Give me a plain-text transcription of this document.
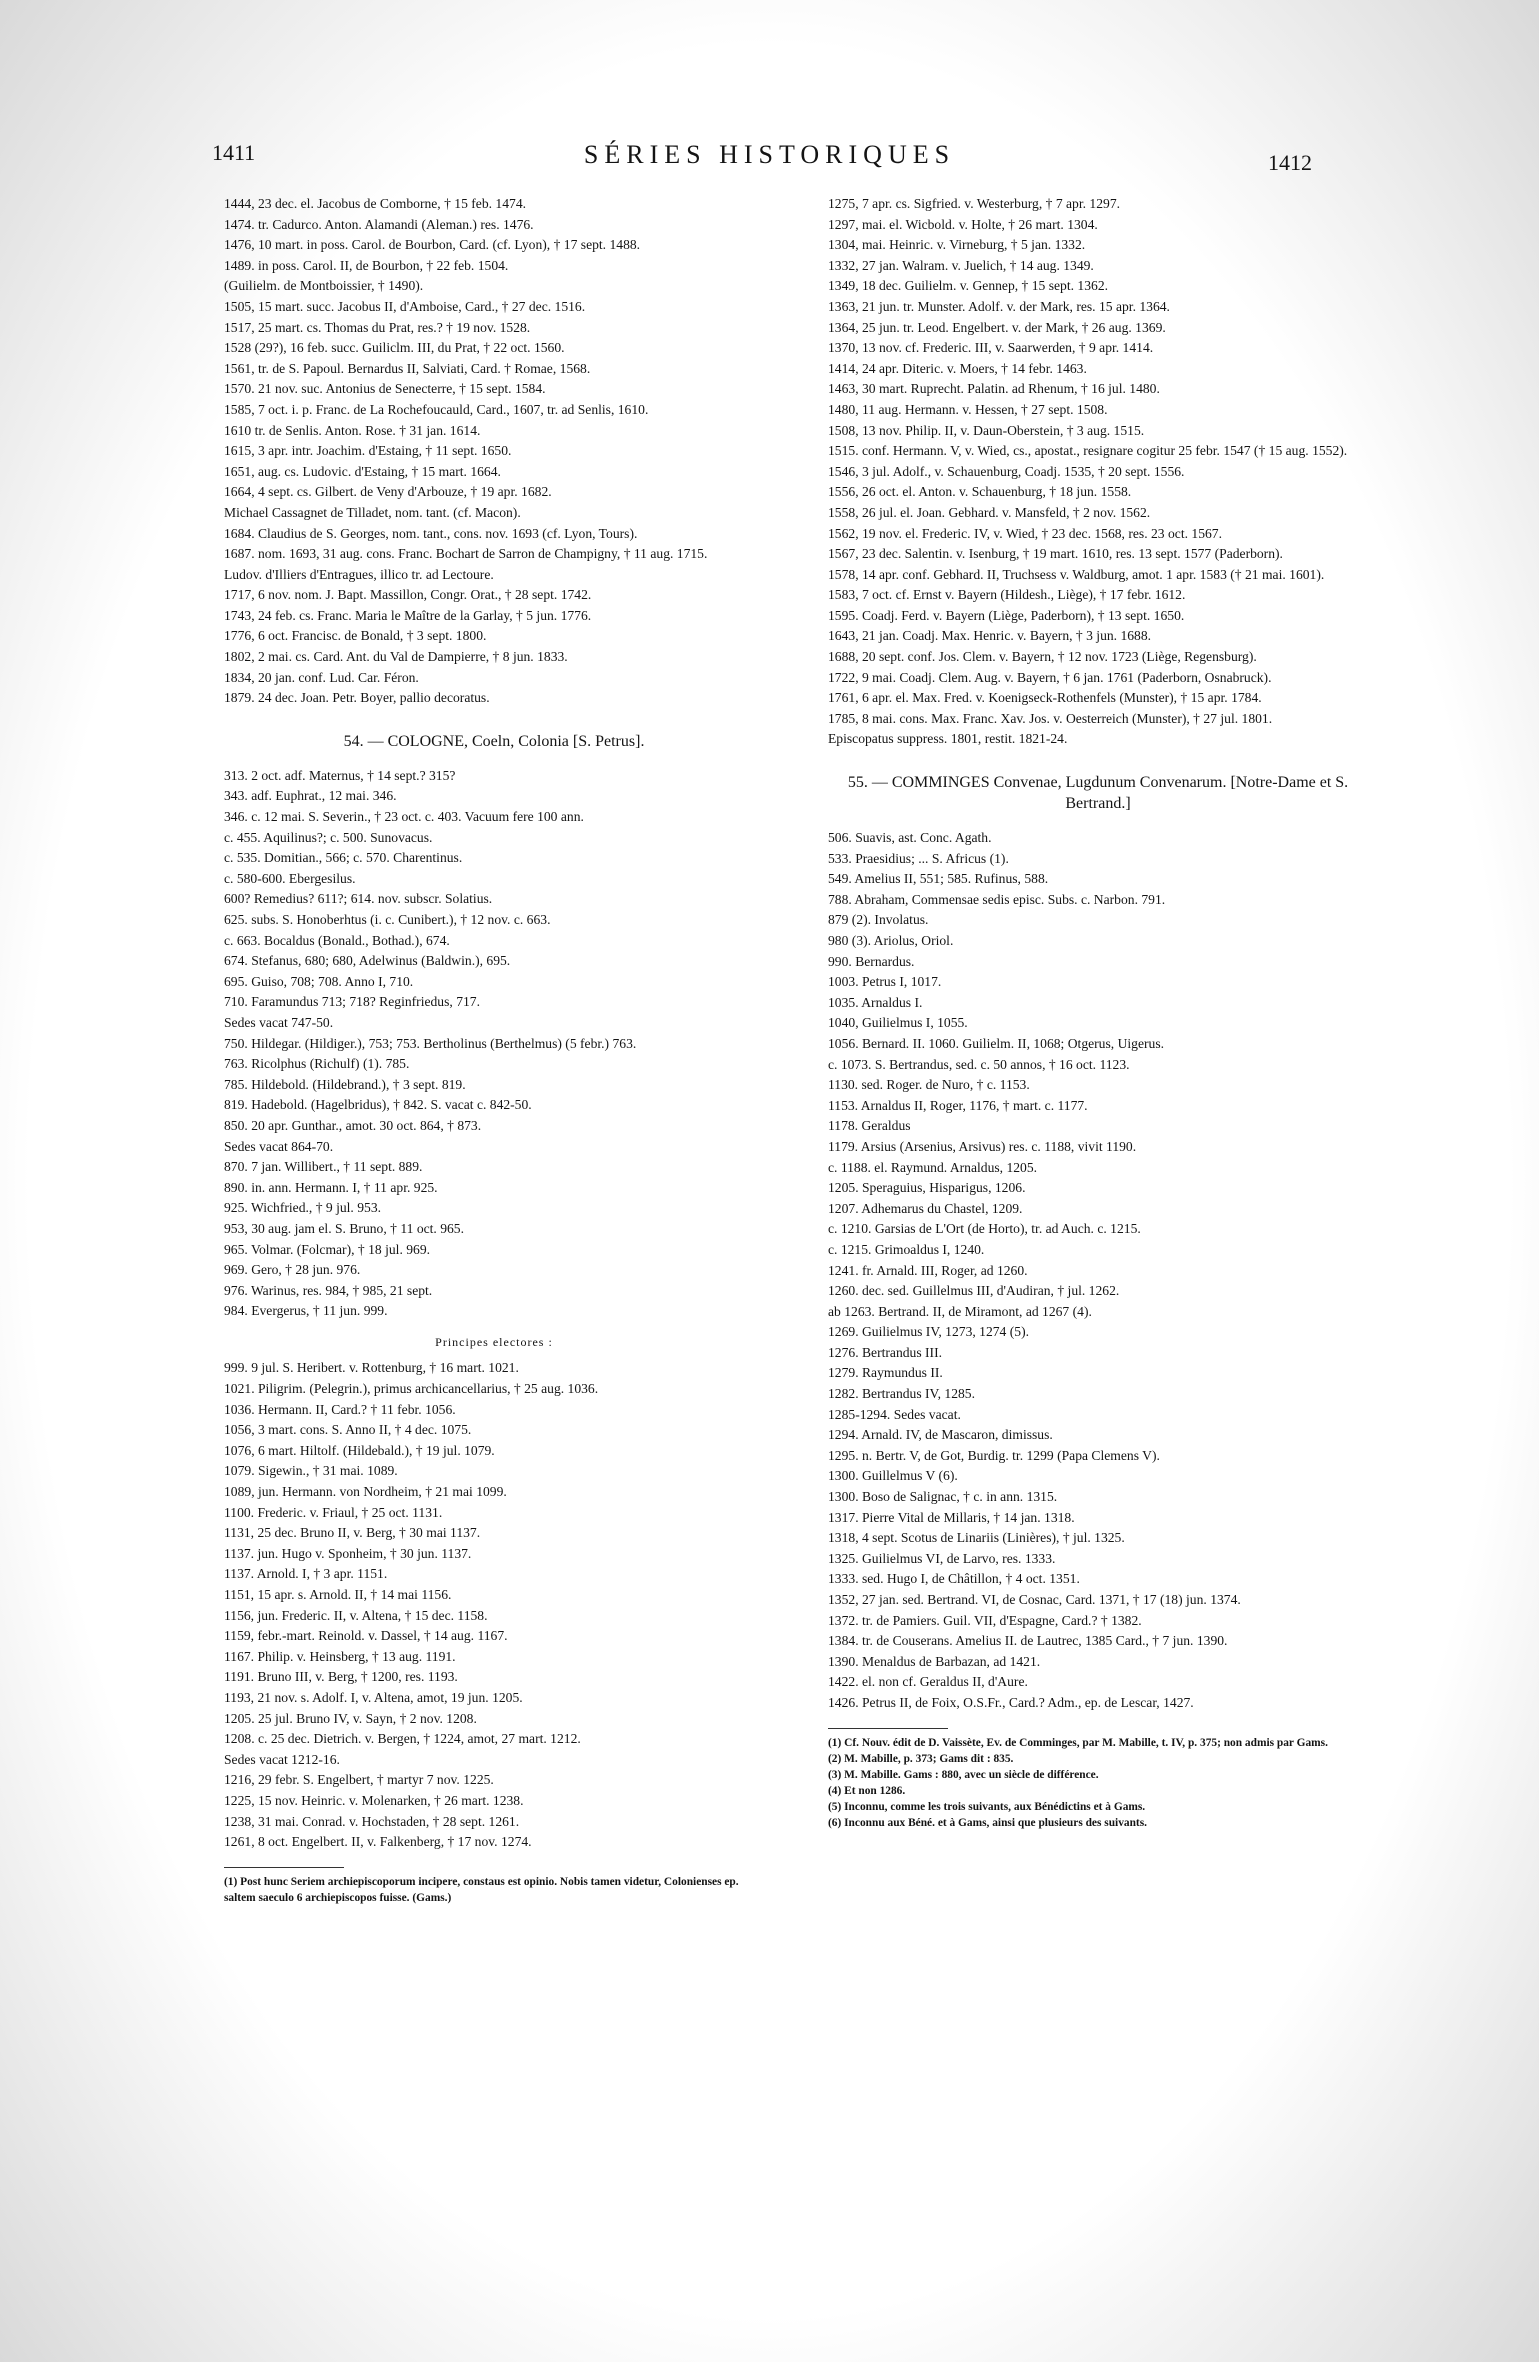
1411	SÉRIES HISTORIQUES	1412
1444, 23 dec. el. Jacobus de Comborne, † 15 feb. 1474.
1474. tr. Cadurco. Anton. Alamandi (Aleman.) res. 1476.
1476, 10 mart. in poss. Carol. de Bourbon, Card. (cf. Lyon), † 17 sept. 1488.
1489. in poss. Carol. II, de Bourbon, † 22 feb. 1504.
(Guilielm. de Montboissier, † 1490).
1505, 15 mart. succ. Jacobus II, d'Amboise, Card., † 27 dec. 1516.
1517, 25 mart. cs. Thomas du Prat, res.? † 19 nov. 1528.
1528 (29?), 16 feb. succ. Guiliclm. III, du Prat, † 22 oct. 1560.
1561, tr. de S. Papoul. Bernardus II, Salviati, Card. † Romae, 1568.
1570. 21 nov. suc. Antonius de Senecterre, † 15 sept. 1584.
1585, 7 oct. i. p. Franc. de La Rochefoucauld, Card., 1607, tr. ad Senlis, 1610.
1610 tr. de Senlis. Anton. Rose. † 31 jan. 1614.
1615, 3 apr. intr. Joachim. d'Estaing, † 11 sept. 1650.
1651, aug. cs. Ludovic. d'Estaing, † 15 mart. 1664.
1664, 4 sept. cs. Gilbert. de Veny d'Arbouze, † 19 apr. 1682.
Michael Cassagnet de Tilladet, nom. tant. (cf. Macon).
1684. Claudius de S. Georges, nom. tant., cons. nov. 1693 (cf. Lyon, Tours).
1687. nom. 1693, 31 aug. cons. Franc. Bochart de Sarron de Champigny, † 11 aug. 1715.
Ludov. d'Illiers d'Entragues, illico tr. ad Lectoure.
1717, 6 nov. nom. J. Bapt. Massillon, Congr. Orat., † 28 sept. 1742.
1743, 24 feb. cs. Franc. Maria le Maître de la Garlay, † 5 jun. 1776.
1776, 6 oct. Francisc. de Bonald, † 3 sept. 1800.
1802, 2 mai. cs. Card. Ant. du Val de Dampierre, † 8 jun. 1833.
1834, 20 jan. conf. Lud. Car. Féron.
1879. 24 dec. Joan. Petr. Boyer, pallio decoratus.
54. — COLOGNE, Coeln, Colonia [S. Petrus].
313. 2 oct. adf. Maternus, † 14 sept.? 315?
343. adf. Euphrat., 12 mai. 346.
346. c. 12 mai. S. Severin., † 23 oct. c. 403. Vacuum fere 100 ann.
c. 455. Aquilinus?; c. 500. Sunovacus.
c. 535. Domitian., 566; c. 570. Charentinus.
c. 580-600. Ebergesilus.
600? Remedius? 611?; 614. nov. subscr. Solatius.
625. subs. S. Honoberhtus (i. c. Cunibert.), † 12 nov. c. 663.
c. 663. Bocaldus (Bonald., Bothad.), 674.
674. Stefanus, 680; 680, Adelwinus (Baldwin.), 695.
695. Guiso, 708; 708. Anno I, 710.
710. Faramundus 713; 718? Reginfriedus, 717.
Sedes vacat 747-50.
750. Hildegar. (Hildiger.), 753; 753. Bertholinus (Berthelmus) (5 febr.) 763.
763. Ricolphus (Richulf) (1). 785.
785. Hildebold. (Hildebrand.), † 3 sept. 819.
819. Hadebold. (Hagelbridus), † 842. S. vacat c. 842-50.
850. 20 apr. Gunthar., amot. 30 oct. 864, † 873.
Sedes vacat 864-70.
870. 7 jan. Willibert., † 11 sept. 889.
890. in. ann. Hermann. I, † 11 apr. 925.
925. Wichfried., † 9 jul. 953.
953, 30 aug. jam el. S. Bruno, † 11 oct. 965.
965. Volmar. (Folcmar), † 18 jul. 969.
969. Gero, † 28 jun. 976.
976. Warinus, res. 984, † 985, 21 sept.
984. Evergerus, † 11 jun. 999.
Principes electores :
999. 9 jul. S. Heribert. v. Rottenburg, † 16 mart. 1021.
1021. Piligrim. (Pelegrin.), primus archicancellarius, † 25 aug. 1036.
1036. Hermann. II, Card.? † 11 febr. 1056.
1056, 3 mart. cons. S. Anno II, † 4 dec. 1075.
1076, 6 mart. Hiltolf. (Hildebald.), † 19 jul. 1079.
1079. Sigewin., † 31 mai. 1089.
1089, jun. Hermann. von Nordheim, † 21 mai 1099.
1100. Frederic. v. Friaul, † 25 oct. 1131.
1131, 25 dec. Bruno II, v. Berg, † 30 mai 1137.
1137. jun. Hugo v. Sponheim, † 30 jun. 1137.
1137. Arnold. I, † 3 apr. 1151.
1151, 15 apr. s. Arnold. II, † 14 mai 1156.
1156, jun. Frederic. II, v. Altena, † 15 dec. 1158.
1159, febr.-mart. Reinold. v. Dassel, † 14 aug. 1167.
1167. Philip. v. Heinsberg, † 13 aug. 1191.
1191. Bruno III, v. Berg, † 1200, res. 1193.
1193, 21 nov. s. Adolf. I, v. Altena, amot, 19 jun. 1205.
1205. 25 jul. Bruno IV, v. Sayn, † 2 nov. 1208.
1208. c. 25 dec. Dietrich. v. Bergen, † 1224, amot, 27 mart. 1212.
Sedes vacat 1212-16.
1216, 29 febr. S. Engelbert, † martyr 7 nov. 1225.
1225, 15 nov. Heinric. v. Molenarken, † 26 mart. 1238.
1238, 31 mai. Conrad. v. Hochstaden, † 28 sept. 1261.
1261, 8 oct. Engelbert. II, v. Falkenberg, † 17 nov. 1274.
(1) Post hunc Seriem archiepiscoporum incipere, constaus est opinio. Nobis tamen videtur, Colonienses ep. saltem saeculo 6 archiepiscopos fuisse. (Gams.)
1275, 7 apr. cs. Sigfried. v. Westerburg, † 7 apr. 1297.
1297, mai. el. Wicbold. v. Holte, † 26 mart. 1304.
1304, mai. Heinric. v. Virneburg, † 5 jan. 1332.
1332, 27 jan. Walram. v. Juelich, † 14 aug. 1349.
1349, 18 dec. Guilielm. v. Gennep, † 15 sept. 1362.
1363, 21 jun. tr. Munster. Adolf. v. der Mark, res. 15 apr. 1364.
1364, 25 jun. tr. Leod. Engelbert. v. der Mark, † 26 aug. 1369.
1370, 13 nov. cf. Frederic. III, v. Saarwerden, † 9 apr. 1414.
1414, 24 apr. Diteric. v. Moers, † 14 febr. 1463.
1463, 30 mart. Ruprecht. Palatin. ad Rhenum, † 16 jul. 1480.
1480, 11 aug. Hermann. v. Hessen, † 27 sept. 1508.
1508, 13 nov. Philip. II, v. Daun-Oberstein, † 3 aug. 1515.
1515. conf. Hermann. V, v. Wied, cs., apostat., resignare cogitur 25 febr. 1547 († 15 aug. 1552).
1546, 3 jul. Adolf., v. Schauenburg, Coadj. 1535, † 20 sept. 1556.
1556, 26 oct. el. Anton. v. Schauenburg, † 18 jun. 1558.
1558, 26 jul. el. Joan. Gebhard. v. Mansfeld, † 2 nov. 1562.
1562, 19 nov. el. Frederic. IV, v. Wied, † 23 dec. 1568, res. 23 oct. 1567.
1567, 23 dec. Salentin. v. Isenburg, † 19 mart. 1610, res. 13 sept. 1577 (Paderborn).
1578, 14 apr. conf. Gebhard. II, Truchsess v. Waldburg, amot. 1 apr. 1583 († 21 mai. 1601).
1583, 7 oct. cf. Ernst v. Bayern (Hildesh., Liège), † 17 febr. 1612.
1595. Coadj. Ferd. v. Bayern (Liège, Paderborn), † 13 sept. 1650.
1643, 21 jan. Coadj. Max. Henric. v. Bayern, † 3 jun. 1688.
1688, 20 sept. conf. Jos. Clem. v. Bayern, † 12 nov. 1723 (Liège, Regensburg).
1722, 9 mai. Coadj. Clem. Aug. v. Bayern, † 6 jan. 1761 (Paderborn, Osnabruck).
1761, 6 apr. el. Max. Fred. v. Koenigseck-Rothenfels (Munster), † 15 apr. 1784.
1785, 8 mai. cons. Max. Franc. Xav. Jos. v. Oesterreich (Munster), † 27 jul. 1801.
Episcopatus suppress. 1801, restit. 1821-24.
55. — COMMINGES Convenae, Lugdunum Convenarum. [Notre-Dame et S. Bertrand.]
506. Suavis, ast. Conc. Agath.
533. Praesidius; ... S. Africus (1).
549. Amelius II, 551; 585. Rufinus, 588.
788. Abraham, Commensae sedis episc. Subs. c. Narbon. 791.
879 (2). Involatus.
980 (3). Ariolus, Oriol.
990. Bernardus.
1003. Petrus I, 1017.
1035. Arnaldus I.
1040, Guilielmus I, 1055.
1056. Bernard. II. 1060. Guilielm. II, 1068; Otgerus, Uigerus.
c. 1073. S. Bertrandus, sed. c. 50 annos, † 16 oct. 1123.
1130. sed. Roger. de Nuro, † c. 1153.
1153. Arnaldus II, Roger, 1176, † mart. c. 1177.
1178. Geraldus
1179. Arsius (Arsenius, Arsivus) res. c. 1188, vivit 1190.
c. 1188. el. Raymund. Arnaldus, 1205.
1205. Speraguius, Hisparigus, 1206.
1207. Adhemarus du Chastel, 1209.
c. 1210. Garsias de L'Ort (de Horto), tr. ad Auch. c. 1215.
c. 1215. Grimoaldus I, 1240.
1241. fr. Arnald. III, Roger, ad 1260.
1260. dec. sed. Guillelmus III, d'Audiran, † jul. 1262.
ab 1263. Bertrand. II, de Miramont, ad 1267 (4).
1269. Guilielmus IV, 1273, 1274 (5).
1276. Bertrandus III.
1279. Raymundus II.
1282. Bertrandus IV, 1285.
1285-1294. Sedes vacat.
1294. Arnald. IV, de Mascaron, dimissus.
1295. n. Bertr. V, de Got, Burdig. tr. 1299 (Papa Clemens V).
1300. Guillelmus V (6).
1300. Boso de Salignac, † c. in ann. 1315.
1317. Pierre Vital de Millaris, † 14 jan. 1318.
1318, 4 sept. Scotus de Linariis (Linières), † jul. 1325.
1325. Guilielmus VI, de Larvo, res. 1333.
1333. sed. Hugo I, de Châtillon, † 4 oct. 1351.
1352, 27 jan. sed. Bertrand. VI, de Cosnac, Card. 1371, † 17 (18) jun. 1374.
1372. tr. de Pamiers. Guil. VII, d'Espagne, Card.? † 1382.
1384. tr. de Couserans. Amelius II. de Lautrec, 1385 Card., † 7 jun. 1390.
1390. Menaldus de Barbazan, ad 1421.
1422. el. non cf. Geraldus II, d'Aure.
1426. Petrus II, de Foix, O.S.Fr., Card.? Adm., ep. de Lescar, 1427.
(1) Cf. Nouv. édit de D. Vaissète, Ev. de Comminges, par M. Mabille, t. IV, p. 375; non admis par Gams.
(2) M. Mabille, p. 373; Gams dit : 835.
(3) M. Mabille. Gams : 880, avec un siècle de différence.
(4) Et non 1286.
(5) Inconnu, comme les trois suivants, aux Bénédictins et à Gams.
(6) Inconnu aux Béné. et à Gams, ainsi que plusieurs des suivants.
